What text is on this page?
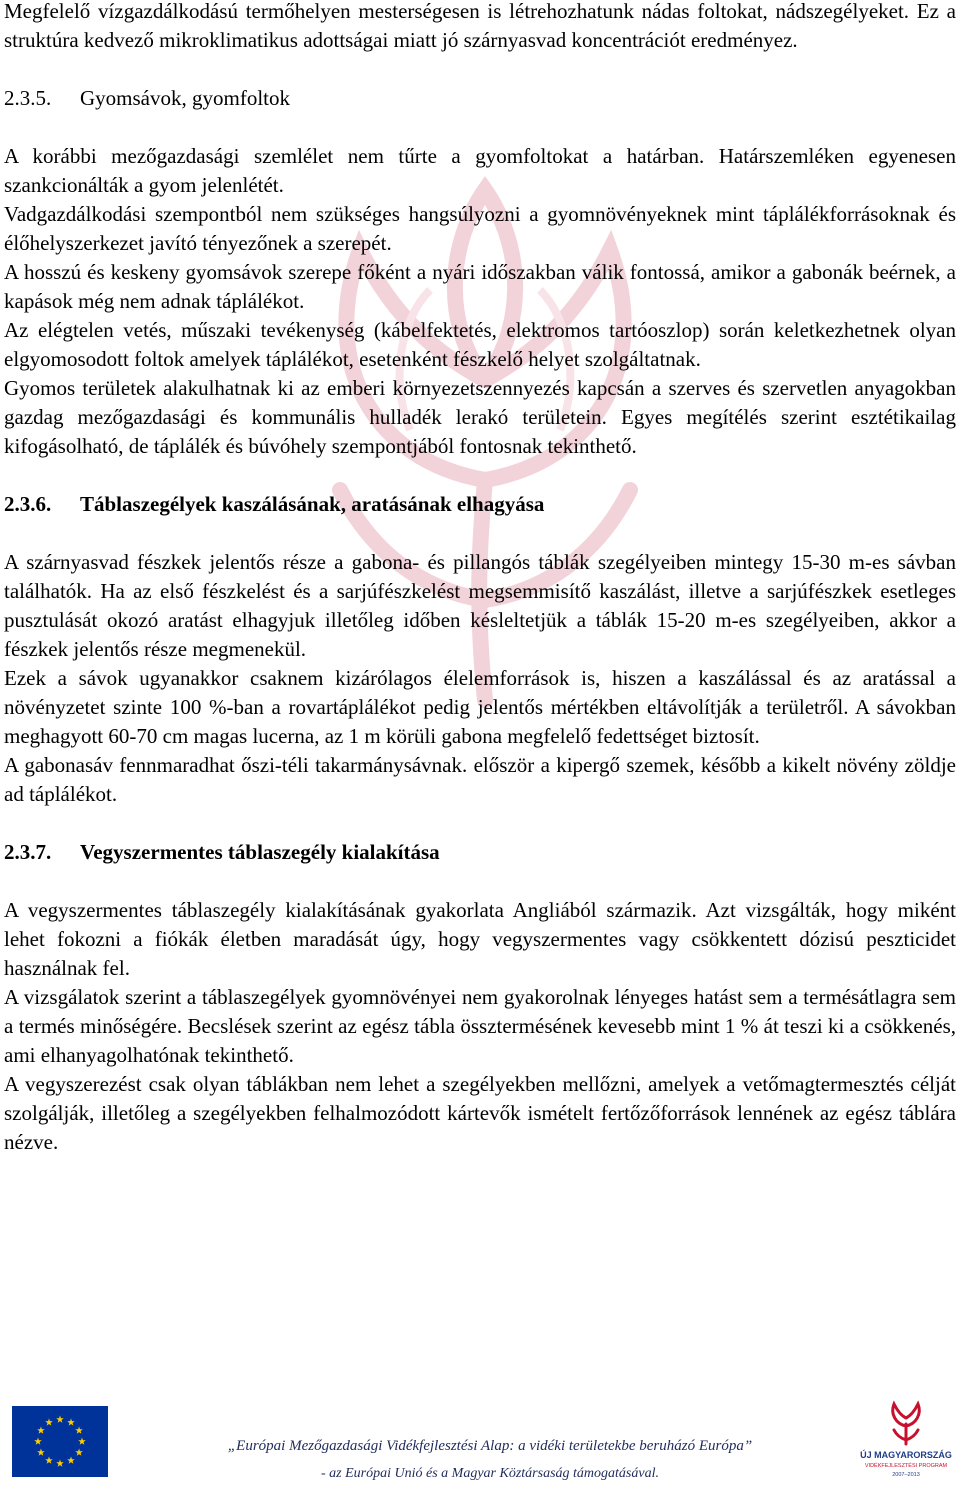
Megfelelő vízgazdálkodású termőhelyen mesterségesen is létrehozhatunk nádas foltokat, nádszegélyeket. Ez a struktúra kedvező mikroklimatikus adottságai miatt jó szárnyasvad koncentrációt eredményez.

2.3.5. Gyomsávok, gyomfoltok

A korábbi mezőgazdasági szemlélet nem tűrte a gyomfoltokat a határban. Határszemléken egyenesen szankcionálták a gyom jelenlétét.

Vadgazdálkodási szempontból nem szükséges hangsúlyozni a gyomnövényeknek mint táplálékforrásoknak és élőhelyszerkezet javító tényezőnek a szerepét.

A hosszú és keskeny gyomsávok szerepe főként a nyári időszakban válik fontossá, amikor a gabonák beérnek, a kapások még nem adnak táplálékot.

Az elégtelen vetés, műszaki tevékenység (kábelfektetés, elektromos tartóoszlop) során keletkezhetnek olyan elgyomosodott foltok amelyek táplálékot, esetenként fészkelő helyet szolgáltatnak.

Gyomos területek alakulhatnak ki az emberi környezetszennyezés kapcsán a szerves és szervetlen anyagokban gazdag mezőgazdasági és kommunális hulladék lerakó területein. Egyes megítélés szerint esztétikailag kifogásolható, de táplálék és búvóhely szempontjából fontosnak tekinthető.

2.3.6. Táblaszegélyek kaszálásának, aratásának elhagyása

A szárnyasvad fészkek jelentős része a gabona- és pillangós táblák szegélyeiben mintegy 15-30 m-es sávban találhatók. Ha az első fészkelést és a sarjúfészkelést megsemmisítő kaszálást, illetve a sarjúfészkek esetleges pusztulását okozó aratást elhagyjuk illetőleg időben késleltetjük a táblák 15-20 m-es szegélyeiben, akkor a fészkek jelentős része megmenekül.

Ezek a sávok ugyanakkor csaknem kizárólagos élelemforrások is, hiszen a kaszálással és az aratással a növényzetet szinte 100 %-ban a rovartáplálékot pedig jelentős mértékben eltávolítják a területről. A sávokban meghagyott 60-70 cm magas lucerna, az 1 m körüli gabona megfelelő fedettséget biztosít.

A gabonasáv fennmaradhat őszi-téli takarmánysávnak. először a kipergő szemek, később a kikelt növény zöldje ad táplálékot.

2.3.7. Vegyszermentes táblaszegély kialakítása

A vegyszermentes táblaszegély kialakításának gyakorlata Angliából származik. Azt vizsgálták, hogy miként lehet fokozni a fiókák életben maradását úgy, hogy vegyszermentes vagy csökkentett dózisú peszticidet használnak fel.

A vizsgálatok szerint a táblaszegélyek gyomnövényei nem gyakorolnak lényeges hatást sem a termésátlagra sem a termés minőségére. Becslések szerint az egész tábla össztermésének kevesebb mint 1 % át teszi ki a csökkenés, ami elhanyagolhatónak tekinthető.

A vegyszerezést csak olyan táblákban nem lehet a szegélyekben mellőzni, amelyek a vetőmagtermesztés célját szolgálják, illetőleg a szegélyekben felhalmozódott kártevők ismételt fertőzőforrások lennének az egész táblára nézve.

„Európai Mezőgazdasági Vidékfejlesztési Alap: a vidéki területekbe beruházó Európa”
- az Európai Unió és a Magyar Köztársaság támogatásával.
ÚJ MAGYARORSZÁG
VIDÉKFEJLESZTÉSI PROGRAM
2007–2013
